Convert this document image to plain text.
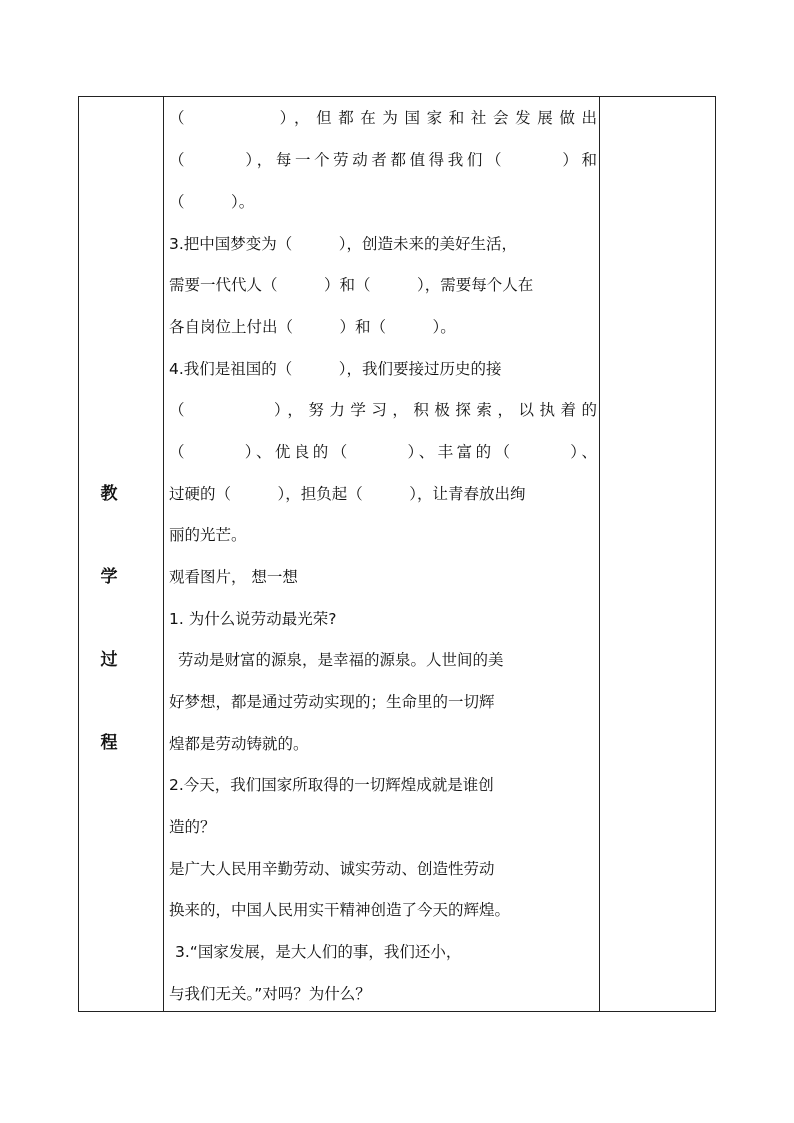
教
学
过
程
（　　　　），但都在为国家和社会发展做出
（　　　），每一个劳动者都值得我们（　　　）和
（　　　）。
3.把中国梦变为（　　　），创造未来的美好生活，
需要一代代人（　　　）和（　　　），需要每个人在
各自岗位上付出（　　　）和（　　　）。
4.我们是祖国的（　　　），我们要接过历史的接
（　　　　），努力学习，积极探索，以执着的
（　　　）、优良的（　　　）、丰富的（　　　）、
过硬的（　　　），担负起（　　　），让青春放出绚
丽的光芒。
观看图片， 想一想
1. 为什么说劳动最光荣?
劳动是财富的源泉，是幸福的源泉。人世间的美
好梦想，都是通过劳动实现的；生命里的一切辉
煌都是劳动铸就的。
2.今天，我们国家所取得的一切辉煌成就是谁创
造的？
是广大人民用辛勤劳动、诚实劳动、创造性劳动
换来的，中国人民用实干精神创造了今天的辉煌。
3.“国家发展，是大人们的事，我们还小，
与我们无关。”对吗？为什么？
